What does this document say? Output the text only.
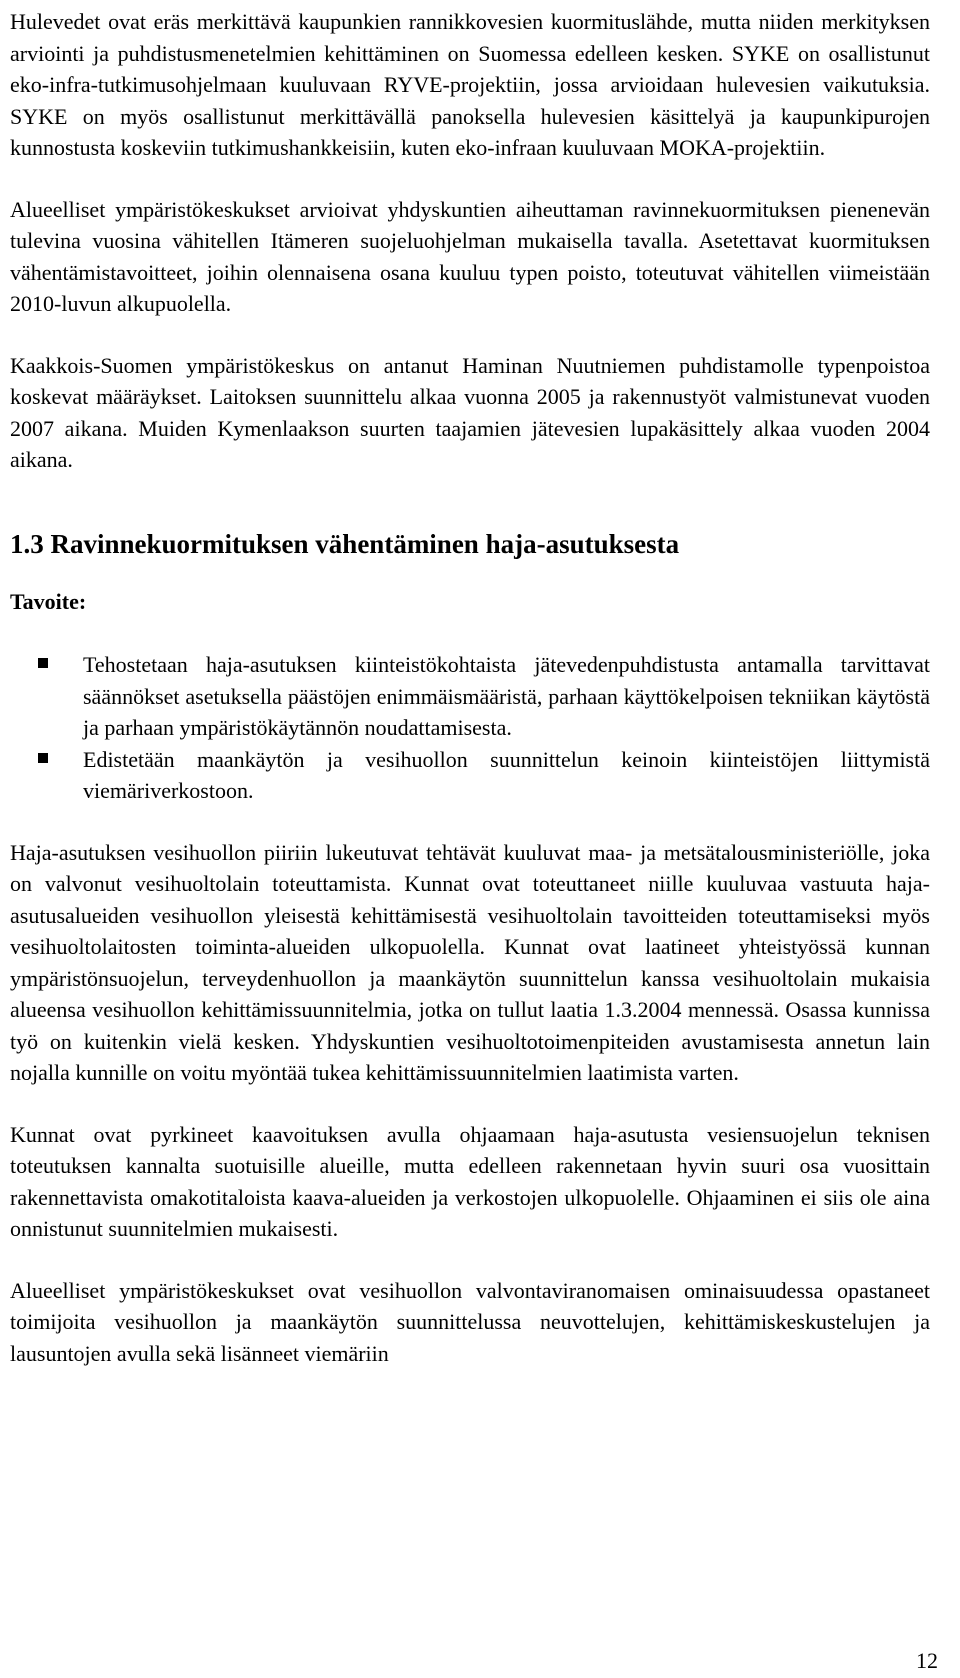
Hulevedet ovat eräs merkittävä kaupunkien rannikkovesien kuormituslähde, mutta niiden merkityksen arviointi ja puhdistusmenetelmien kehittäminen on Suomessa edelleen kesken. SYKE on osallistunut eko-infra-tutkimusohjelmaan kuuluvaan RYVE-projektiin, jossa arvioidaan hulevesien vaikutuksia. SYKE on myös osallistunut merkittävällä panoksella hulevesien käsittelyä ja kaupunkipurojen kunnostusta koskeviin tutkimushankkeisiin, kuten eko-infraan kuuluvaan MOKA-projektiin.

Alueelliset ympäristökeskukset arvioivat yhdyskuntien aiheuttaman ravinnekuormituksen pienenevän tulevina vuosina vähitellen Itämeren suojeluohjelman mukaisella tavalla. Asetettavat kuormituksen vähentämistavoitteet, joihin olennaisena osana kuuluu typen poisto, toteutuvat vähitellen viimeistään 2010-luvun alkupuolella.

Kaakkois-Suomen ympäristökeskus on antanut Haminan Nuutniemen puhdistamolle typenpoistoa koskevat määräykset. Laitoksen suunnittelu alkaa vuonna 2005 ja rakennustyöt valmistunevat vuoden 2007 aikana. Muiden Kymenlaakson suurten taajamien jätevesien lupakäsittely alkaa vuoden 2004 aikana.

1.3 Ravinnekuormituksen vähentäminen haja-asutuksesta
Tavoite:
Tehostetaan haja-asutuksen kiinteistökohtaista jätevedenpuhdistusta antamalla tarvittavat säännökset asetuksella päästöjen enimmäismääristä, parhaan käyttökelpoisen tekniikan käytöstä ja parhaan ympäristökäytännön noudattamisesta.
Edistetään maankäytön ja vesihuollon suunnittelun keinoin kiinteistöjen liittymistä viemäriverkostoon.

Haja-asutuksen vesihuollon piiriin lukeutuvat tehtävät kuuluvat maa- ja metsätalousministeriölle, joka on valvonut vesihuoltolain toteuttamista. Kunnat ovat toteuttaneet niille kuuluvaa vastuuta haja-asutusalueiden vesihuollon yleisestä kehittämisestä vesihuoltolain tavoitteiden toteuttamiseksi myös vesihuoltolaitosten toiminta-alueiden ulkopuolella. Kunnat ovat laatineet yhteistyössä kunnan ympäristönsuojelun, terveydenhuollon ja maankäytön suunnittelun kanssa vesihuoltolain mukaisia alueensa vesihuollon kehittämissuunnitelmia, jotka on tullut laatia 1.3.2004 mennessä. Osassa kunnissa työ on kuitenkin vielä kesken. Yhdyskuntien vesihuoltotoimenpiteiden avustamisesta annetun lain nojalla kunnille on voitu myöntää tukea kehittämissuunnitelmien laatimista varten.

Kunnat ovat pyrkineet kaavoituksen avulla ohjaamaan haja-asutusta vesiensuojelun teknisen toteutuksen kannalta suotuisille alueille, mutta edelleen rakennetaan hyvin suuri osa vuosittain rakennettavista omakotitaloista kaava-alueiden ja verkostojen ulkopuolelle. Ohjaaminen ei siis ole aina onnistunut suunnitelmien mukaisesti.

Alueelliset ympäristökeskukset ovat vesihuollon valvontaviranomaisen ominaisuudessa opastaneet toimijoita vesihuollon ja maankäytön suunnittelussa neuvottelujen, kehittämiskeskustelujen ja lausuntojen avulla sekä lisänneet viemäriin

12
